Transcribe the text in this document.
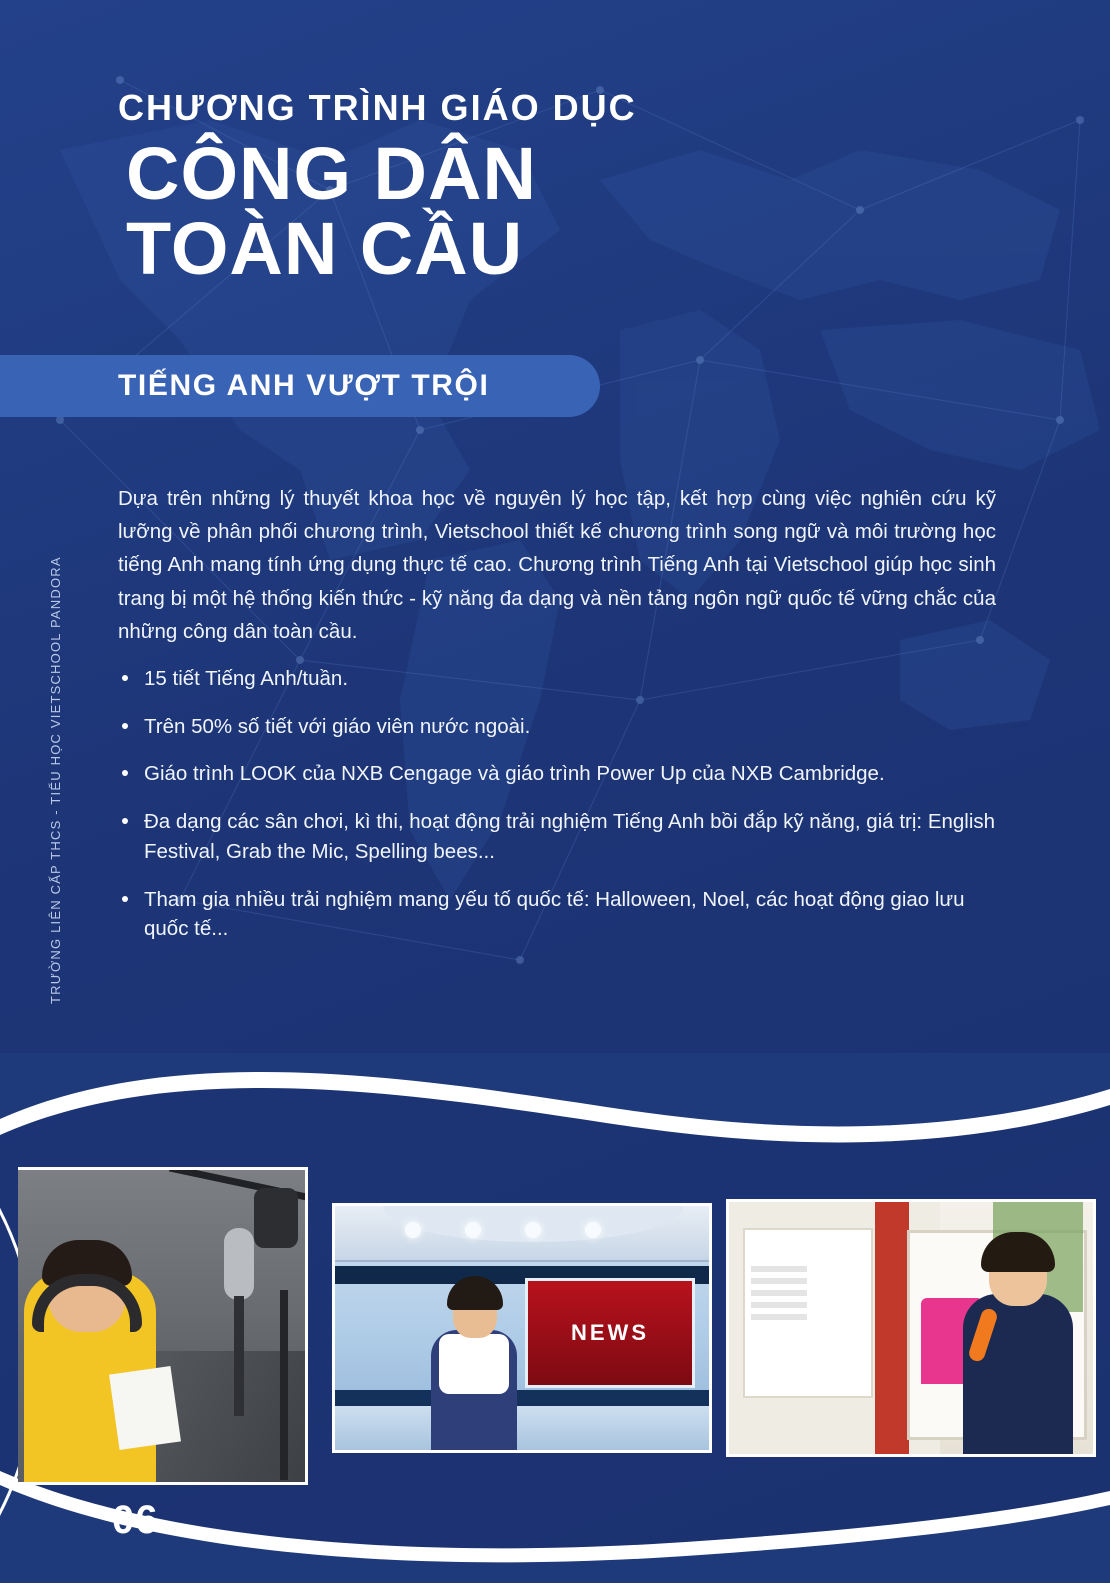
TRƯỜNG LIÊN CẤP THCS - TIỂU HỌC VIETSCHOOL PANDORA
CHƯƠNG TRÌNH GIÁO DỤC
CÔNG DÂN
TOÀN CẦU
TIẾNG ANH VƯỢT TRỘI

Dựa trên những lý thuyết khoa học về nguyên lý học tập, kết hợp cùng việc nghiên cứu kỹ lưỡng về phân phối chương trình, Vietschool thiết kế chương trình song ngữ và môi trường học tiếng Anh mang tính ứng dụng thực tế cao. Chương trình Tiếng Anh tại Vietschool giúp học sinh trang bị một hệ thống kiến thức - kỹ năng đa dạng và nền tảng ngôn ngữ quốc tế vững chắc của những công dân toàn cầu.

15 tiết Tiếng Anh/tuần.
Trên 50% số tiết với giáo viên nước ngoài.
Giáo trình LOOK của NXB Cengage và giáo trình Power Up của NXB Cambridge.
Đa dạng các sân chơi, kì thi, hoạt động trải nghiệm Tiếng Anh bồi đắp kỹ năng, giá trị: English Festival, Grab the Mic, Spelling bees...
Tham gia nhiều trải nghiệm mang yếu tố quốc tế: Halloween, Noel, các hoạt động giao lưu quốc tế...
NEWS
06
